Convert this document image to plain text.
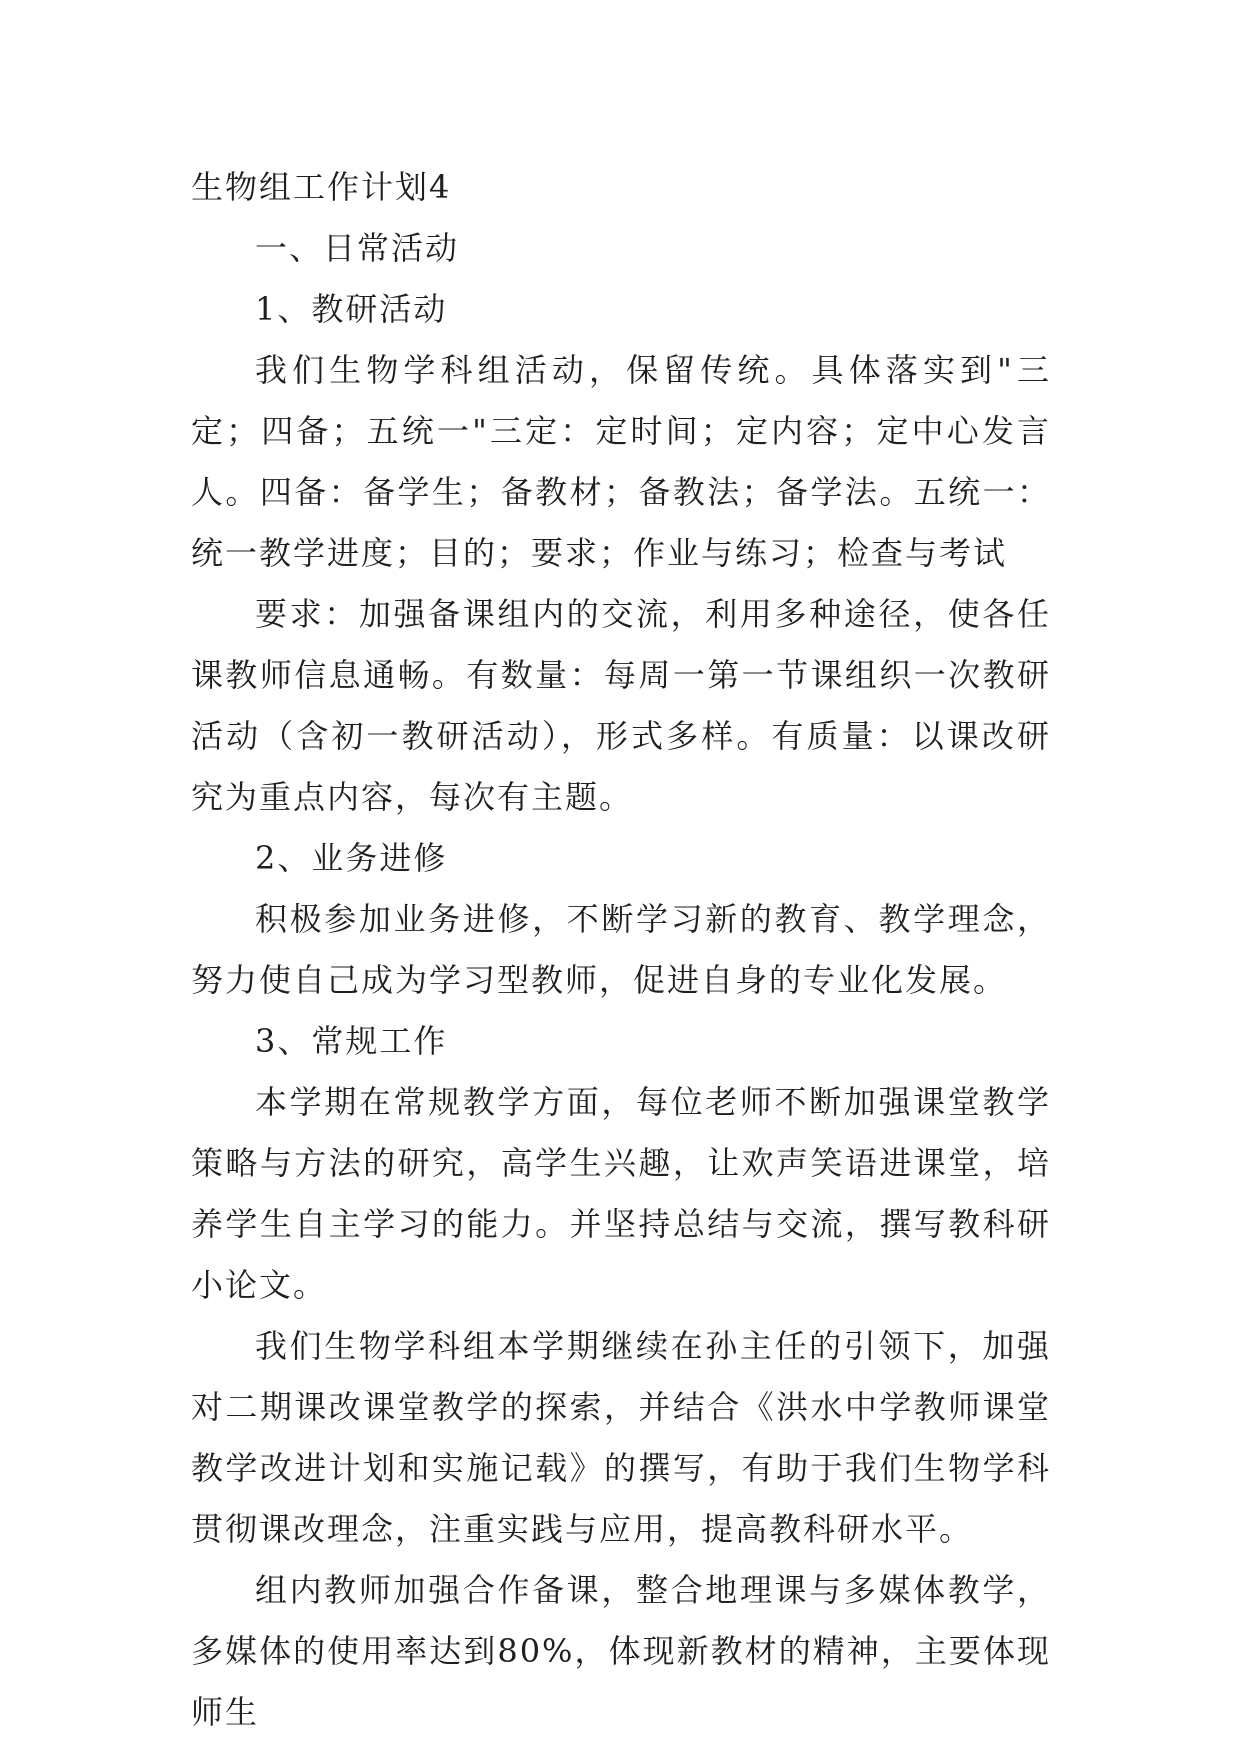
生物组工作计划4

一、日常活动

1、教研活动

我们生物学科组活动，保留传统。具体落实到"三定；四备；五统一"三定：定时间；定内容；定中心发言人。四备：备学生；备教材；备教法；备学法。五统一：统一教学进度；目的；要求；作业与练习；检查与考试

要求：加强备课组内的交流，利用多种途径，使各任课教师信息通畅。有数量：每周一第一节课组织一次教研活动（含初一教研活动），形式多样。有质量：以课改研究为重点内容，每次有主题。

2、业务进修

积极参加业务进修，不断学习新的教育、教学理念，努力使自己成为学习型教师，促进自身的专业化发展。

3、常规工作

本学期在常规教学方面，每位老师不断加强课堂教学策略与方法的研究，高学生兴趣，让欢声笑语进课堂，培养学生自主学习的能力。并坚持总结与交流，撰写教科研小论文。

我们生物学科组本学期继续在孙主任的引领下，加强对二期课改课堂教学的探索，并结合《洪水中学教师课堂教学改进计划和实施记载》的撰写，有助于我们生物学科贯彻课改理念，注重实践与应用，提高教科研水平。

组内教师加强合作备课，整合地理课与多媒体教学，多媒体的使用率达到80%，体现新教材的精神，主要体现师生
